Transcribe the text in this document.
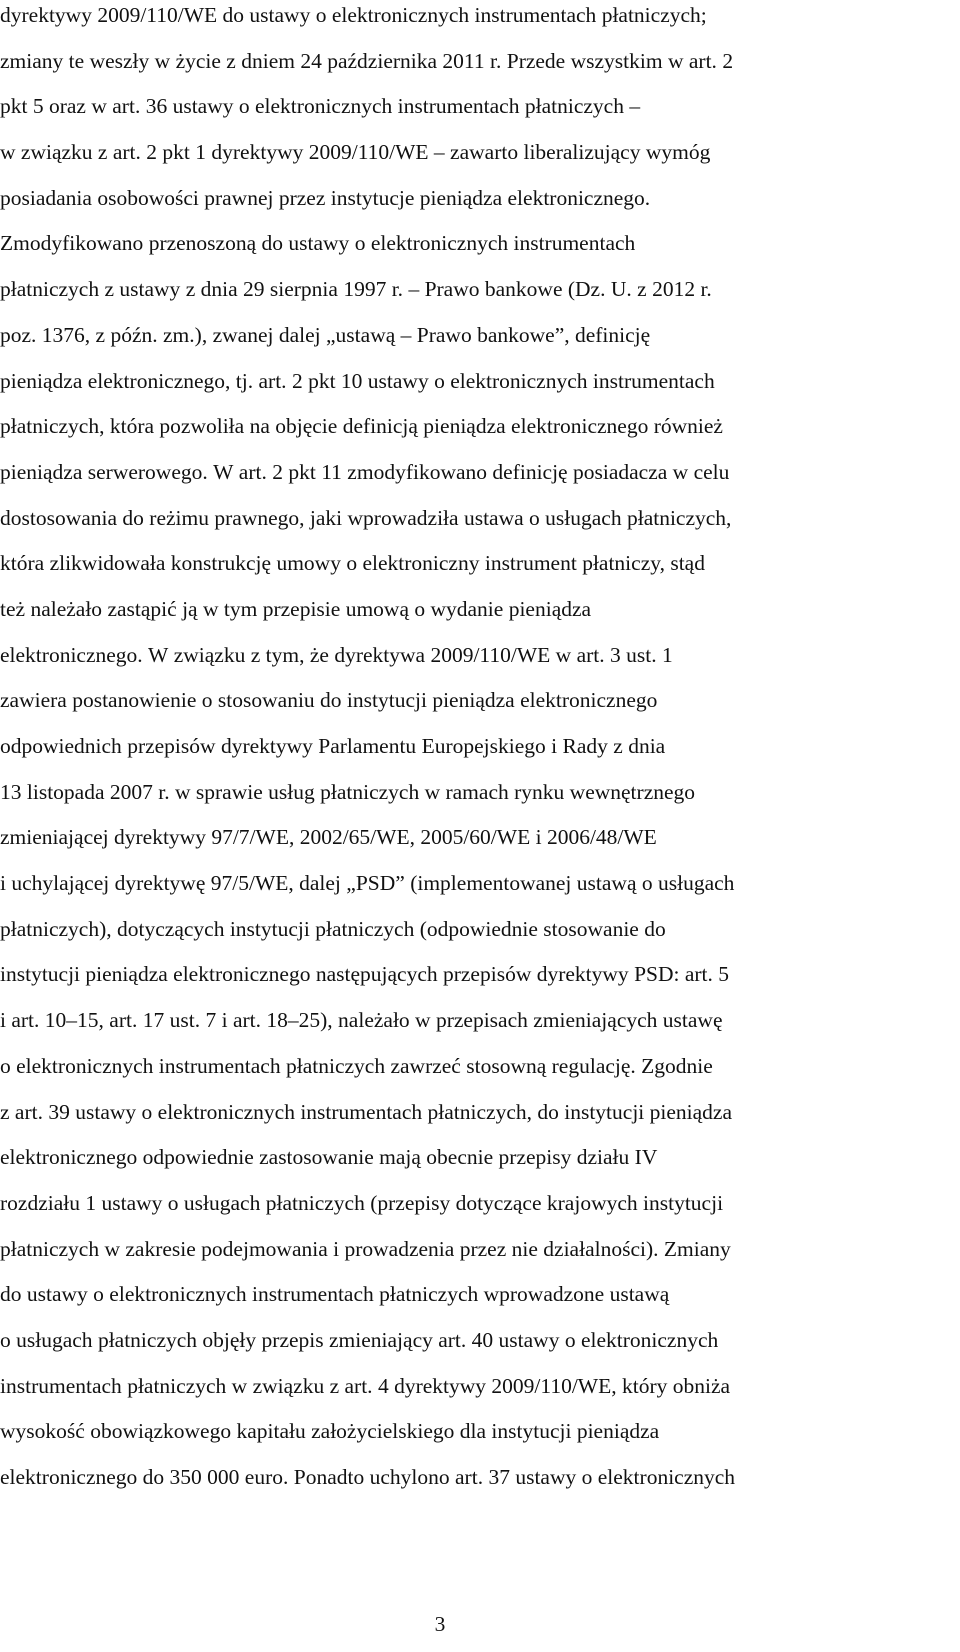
dyrektywy 2009/110/WE do ustawy o elektronicznych instrumentach płatniczych;
zmiany te weszły w życie z dniem 24 października 2011 r. Przede wszystkim w art. 2
pkt 5 oraz w art. 36 ustawy o elektronicznych instrumentach płatniczych –
w związku z art. 2 pkt 1 dyrektywy 2009/110/WE – zawarto liberalizujący wymóg
posiadania osobowości prawnej przez instytucje pieniądza elektronicznego.
Zmodyfikowano przenoszoną do ustawy o elektronicznych instrumentach
płatniczych z ustawy z dnia 29 sierpnia 1997 r. – Prawo bankowe (Dz. U. z 2012 r.
poz. 1376, z późn. zm.), zwanej dalej „ustawą – Prawo bankowe”, definicję
pieniądza elektronicznego, tj. art. 2 pkt 10 ustawy o elektronicznych instrumentach
płatniczych, która pozwoliła na objęcie definicją pieniądza elektronicznego również
pieniądza serwerowego. W art. 2 pkt 11 zmodyfikowano definicję posiadacza w celu
dostosowania do reżimu prawnego, jaki wprowadziła ustawa o usługach płatniczych,
która zlikwidowała konstrukcję umowy o elektroniczny instrument płatniczy, stąd
też należało zastąpić ją w tym przepisie umową o wydanie pieniądza
elektronicznego. W związku z tym, że dyrektywa 2009/110/WE w art. 3 ust. 1
zawiera postanowienie o stosowaniu do instytucji pieniądza elektronicznego
odpowiednich przepisów dyrektywy Parlamentu Europejskiego i Rady z dnia
13 listopada 2007 r. w sprawie usług płatniczych w ramach rynku wewnętrznego
zmieniającej dyrektywy 97/7/WE, 2002/65/WE, 2005/60/WE i 2006/48/WE
i uchylającej dyrektywę 97/5/WE, dalej „PSD” (implementowanej ustawą o usługach
płatniczych), dotyczących instytucji płatniczych (odpowiednie stosowanie do
instytucji pieniądza elektronicznego następujących przepisów dyrektywy PSD: art. 5
i art. 10–15, art. 17 ust. 7 i art. 18–25), należało w przepisach zmieniających ustawę
o elektronicznych instrumentach płatniczych zawrzeć stosowną regulację. Zgodnie
z art. 39 ustawy o elektronicznych instrumentach płatniczych, do instytucji pieniądza
elektronicznego odpowiednie zastosowanie mają obecnie przepisy działu IV
rozdziału 1 ustawy o usługach płatniczych (przepisy dotyczące krajowych instytucji
płatniczych w zakresie podejmowania i prowadzenia przez nie działalności). Zmiany
do ustawy o elektronicznych instrumentach płatniczych wprowadzone ustawą
o usługach płatniczych objęły przepis zmieniający art. 40 ustawy o elektronicznych
instrumentach płatniczych w związku z art. 4 dyrektywy 2009/110/WE, który obniża
wysokość obowiązkowego kapitału założycielskiego dla instytucji pieniądza
elektronicznego do 350 000 euro. Ponadto uchylono art. 37 ustawy o elektronicznych
3
